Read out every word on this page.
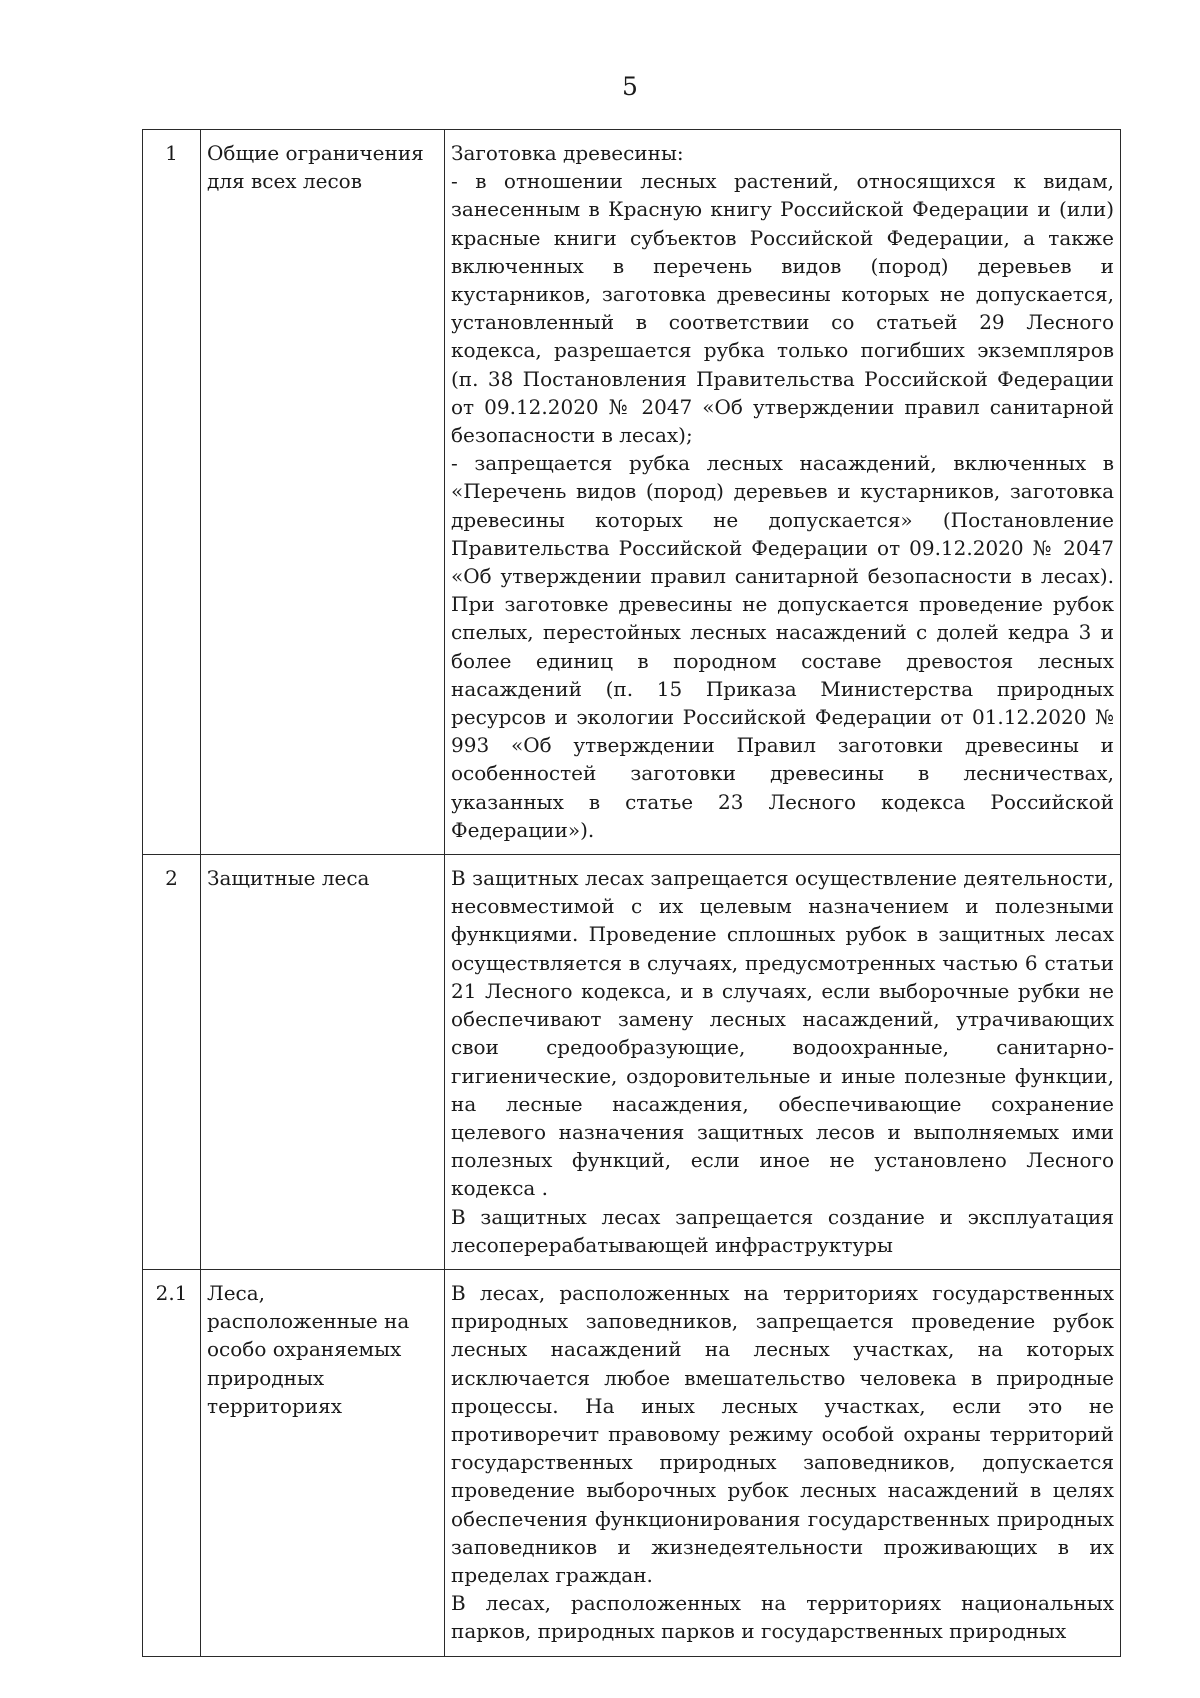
5
1	Общие ограничения для всех лесов	Заготовка древесины:
- в отношении лесных растений, относящихся к видам, занесенным в Красную книгу Российской Федерации и (или) красные книги субъектов Российской Федерации, а также включенных в перечень видов (пород) деревьев и кустарников, заготовка древесины которых не допускается, установленный в соответствии со статьей 29 Лесного кодекса, разрешается рубка только погибших экземпляров (п. 38 Постановления Правительства Российской Федерации от 09.12.2020 № 2047 «Об утверждении правил санитарной безопасности в лесах);
- запрещается рубка лесных насаждений, включенных в «Перечень видов (пород) деревьев и кустарников, заготовка древесины которых не допускается» (Постановление Правительства Российской Федерации от 09.12.2020 № 2047 «Об утверждении правил санитарной безопасности в лесах). При заготовке древесины не допускается проведение рубок спелых, перестойных лесных насаждений с долей кедра 3 и более единиц в породном составе древостоя лесных насаждений (п. 15 Приказа Министерства природных ресурсов и экологии Российской Федерации от 01.12.2020 № 993 «Об утверждении Правил заготовки древесины и особенностей заготовки древесины в лесничествах, указанных в статье 23 Лесного кодекса Российской Федерации»).

2	Защитные леса	В защитных лесах запрещается осуществление деятельности, несовместимой с их целевым назначением и полезными функциями. Проведение сплошных рубок в защитных лесах осуществляется в случаях, предусмотренных частью 6 статьи 21 Лесного кодекса, и в случаях, если выборочные рубки не обеспечивают замену лесных насаждений, утрачивающих свои средообразующие, водоохранные, санитарно-гигиенические, оздоровительные и иные полезные функции, на лесные насаждения, обеспечивающие сохранение целевого назначения защитных лесов и выполняемых ими полезных функций, если иное не установлено Лесного кодекса .
В защитных лесах запрещается создание и эксплуатация лесоперерабатывающей инфраструктуры

2.1	Леса, расположенные на особо охраняемых природных территориях	В лесах, расположенных на территориях государственных природных заповедников, запрещается проведение рубок лесных насаждений на лесных участках, на которых исключается любое вмешательство человека в природные процессы. На иных лесных участках, если это не противоречит правовому режиму особой охраны территорий государственных природных заповедников, допускается проведение выборочных рубок лесных насаждений в целях обеспечения функционирования государственных природных заповедников и жизнедеятельности проживающих в их пределах граждан.
В лесах, расположенных на территориях национальных парков, природных парков и государственных природных
